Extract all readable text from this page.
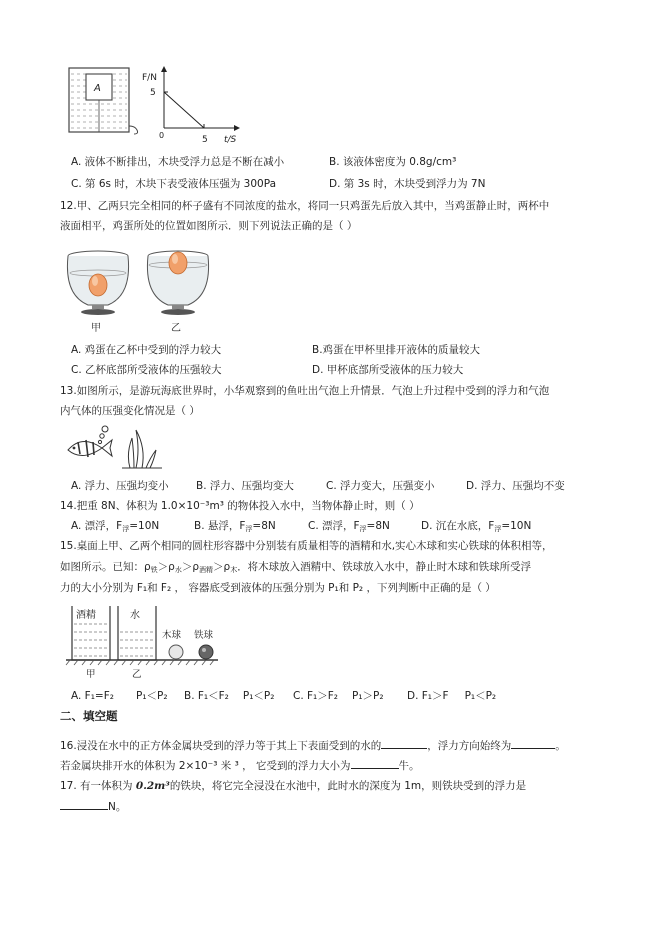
A
F/N
5
5 t/S
0
A. 液体不断排出，木块受浮力总是不断在减小	B. 该液体密度为 0.8g/cm³
C. 第 6s 时，木块下表受液体压强为 300Pa	D. 第 3s 时，木块受到浮力为 7N
12.甲、乙两只完全相同的杯子盛有不同浓度的盐水，将同一只鸡蛋先后放入其中，当鸡蛋静止时，两杯中
液面相平，鸡蛋所处的位置如图所示．则下列说法正确的是（ ）
甲	乙
A. 鸡蛋在乙杯中受到的浮力较大	B.鸡蛋在甲杯里排开液体的质量较大
C. 乙杯底部所受液体的压强较大	D. 甲杯底部所受液体的压力较大
13.如图所示，是游玩海底世界时，小华观察到的鱼吐出气泡上升情景．气泡上升过程中受到的浮力和气泡
内气体的压强变化情况是（ ）
A. 浮力、压强均变小	B. 浮力、压强均变大	C. 浮力变大，压强变小	D. 浮力、压强均不变
14.把重 8N、体积为 1.0×10⁻³m³ 的物体投入水中，当物体静止时，则（ ）
A. 漂浮，$F_浮=10N$	B. 悬浮，$F_浮=8N$	C. 漂浮，$F_浮=8N$	D. 沉在水底，$F_浮=10N$
15.桌面上甲、乙两个相同的圆柱形容器中分别装有质量相等的酒精和水,实心木球和实心铁球的体积相等，
如图所示。已知：$\rho_铁>\rho_水>\rho_{酒精}>\rho_木$．将木球放入酒精中、铁球放入水中，静止时木球和铁球所受浮
力的大小分别为 F₁和 F₂ ， 容器底受到液体的压强分别为 P₁和 P₂ ，下列判断中正确的是（ ）
酒精	水
木球 铁球
甲	乙
A. F₁=F₂ P₁＜P₂ B. F₁＜F₂ P₁＜P₂ C. F₁＞F₂ P₁＞P₂ D. F₁＞F P₁＜P₂
二、填空题
16.浸没在水中的正方体金属块受到的浮力等于其上下表面受到的水的	，浮力方向始终为	。
若金属块排开水的体积为 2×10⁻³ 米 ³ ， 它受到的浮力大小为	牛。
17. 有一体积为 0.2m³的铁块，将它完全浸没在水池中，此时水的深度为 1m，则铁块受到的浮力是
N。
